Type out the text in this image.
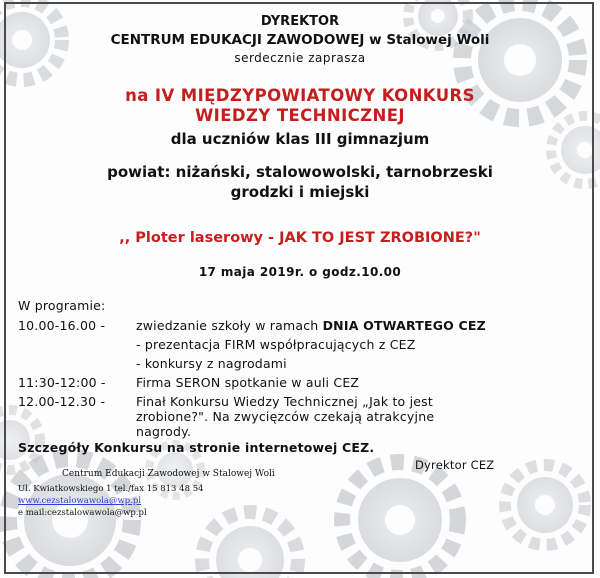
DYREKTOR
CENTRUM EDUKACJI ZAWODOWEJ w Stalowej Woli
serdecznie zaprasza
na IV MIĘDZYPOWIATOWY KONKURS
WIEDZY TECHNICZNEJ
dla uczniów klas III gimnazjum
powiat: niżański, stalowowolski, tarnobrzeski
grodzki i miejski
,, Ploter laserowy - JAK TO JEST ZROBIONE?"
17 maja 2019r. o godz.10.00
W programie:
10.00-16.00 - zwiedzanie szkoły w ramach DNIA OTWARTEGO CEZ
- prezentacja FIRM współpracujących z CEZ
- konkursy z nagrodami
11:30-12:00 - Firma SERON spotkanie w auli CEZ
12.00-12.30 - Finał Konkursu Wiedzy Technicznej „Jak to jest
zrobione?". Na zwycięzców czekają atrakcyjne
nagrody.
Szczegóły Konkursu na stronie internetowej CEZ.
Dyrektor CEZ
Centrum Edukacji Zawodowej w Stalowej Woli
Ul. Kwiatkowskiego 1 tel./fax 15 813 48 54
www.cezstalowawola@wp.pl
e mail:cezstalowawola@wp.pl
